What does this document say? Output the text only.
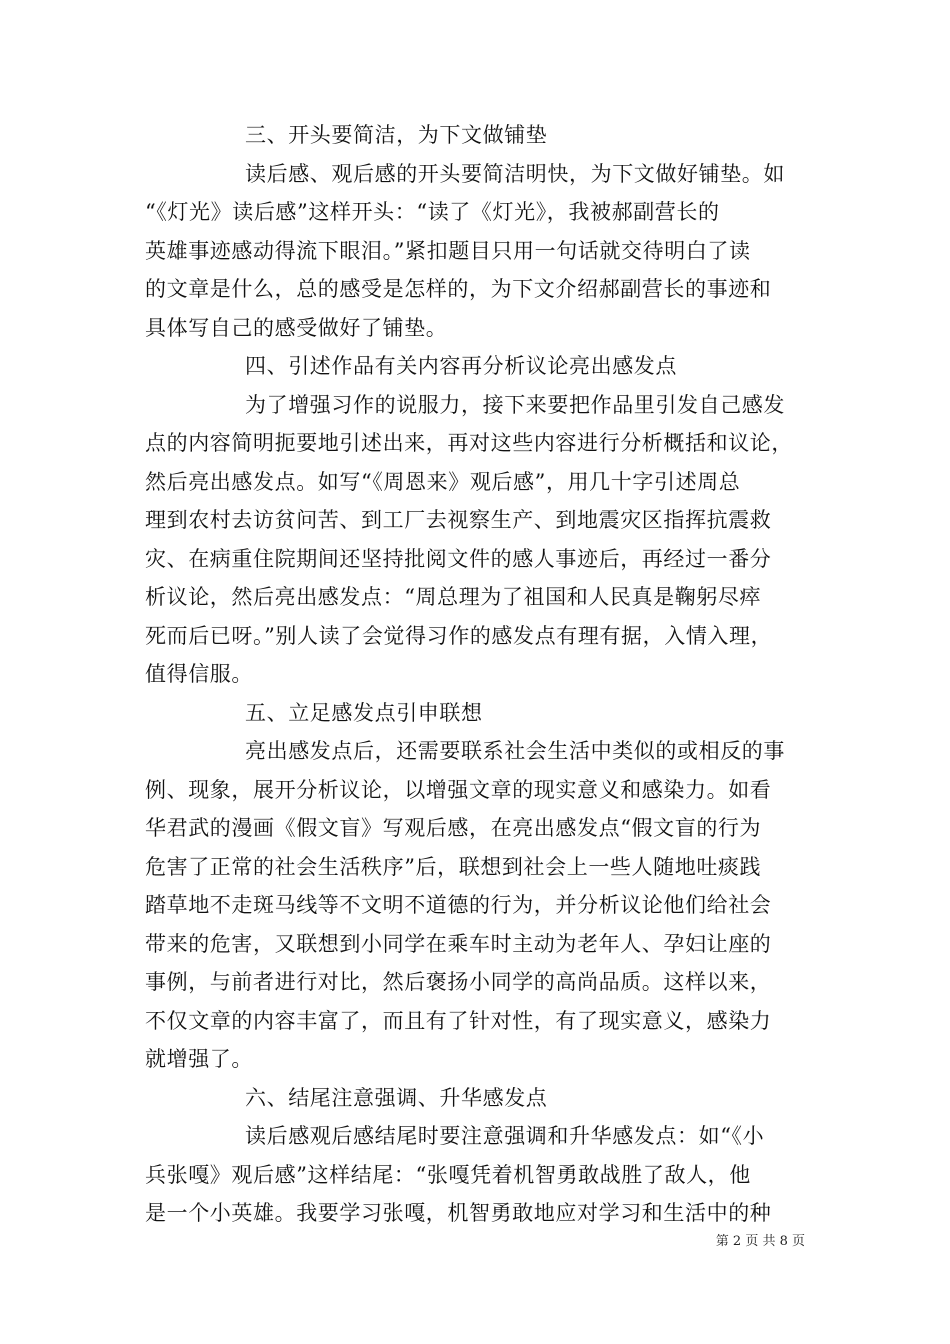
三、开头要简洁，为下文做铺垫
读后感、观后感的开头要简洁明快，为下文做好铺垫。如
“《灯光》读后感”这样开头：“读了《灯光》，我被郝副营长的
英雄事迹感动得流下眼泪。”紧扣题目只用一句话就交待明白了读
的文章是什么，总的感受是怎样的，为下文介绍郝副营长的事迹和
具体写自己的感受做好了铺垫。
四、引述作品有关内容再分析议论亮出感发点
为了增强习作的说服力，接下来要把作品里引发自己感发
点的内容简明扼要地引述出来，再对这些内容进行分析概括和议论，
然后亮出感发点。如写“《周恩来》观后感”，用几十字引述周总
理到农村去访贫问苦、到工厂去视察生产、到地震灾区指挥抗震救
灾、在病重住院期间还坚持批阅文件的感人事迹后，再经过一番分
析议论，然后亮出感发点：“周总理为了祖国和人民真是鞠躬尽瘁
死而后已呀。”别人读了会觉得习作的感发点有理有据，入情入理，
值得信服。
五、立足感发点引申联想
亮出感发点后，还需要联系社会生活中类似的或相反的事
例、现象，展开分析议论，以增强文章的现实意义和感染力。如看
华君武的漫画《假文盲》写观后感，在亮出感发点“假文盲的行为
危害了正常的社会生活秩序”后，联想到社会上一些人随地吐痰践
踏草地不走斑马线等不文明不道德的行为，并分析议论他们给社会
带来的危害，又联想到小同学在乘车时主动为老年人、孕妇让座的
事例，与前者进行对比，然后褒扬小同学的高尚品质。这样以来，
不仅文章的内容丰富了，而且有了针对性，有了现实意义，感染力
就增强了。
六、结尾注意强调、升华感发点
读后感观后感结尾时要注意强调和升华感发点：如“《小
兵张嘎》观后感”这样结尾：“张嘎凭着机智勇敢战胜了敌人，他
是一个小英雄。我要学习张嘎，机智勇敢地应对学习和生活中的种
第 2 页 共 8 页
